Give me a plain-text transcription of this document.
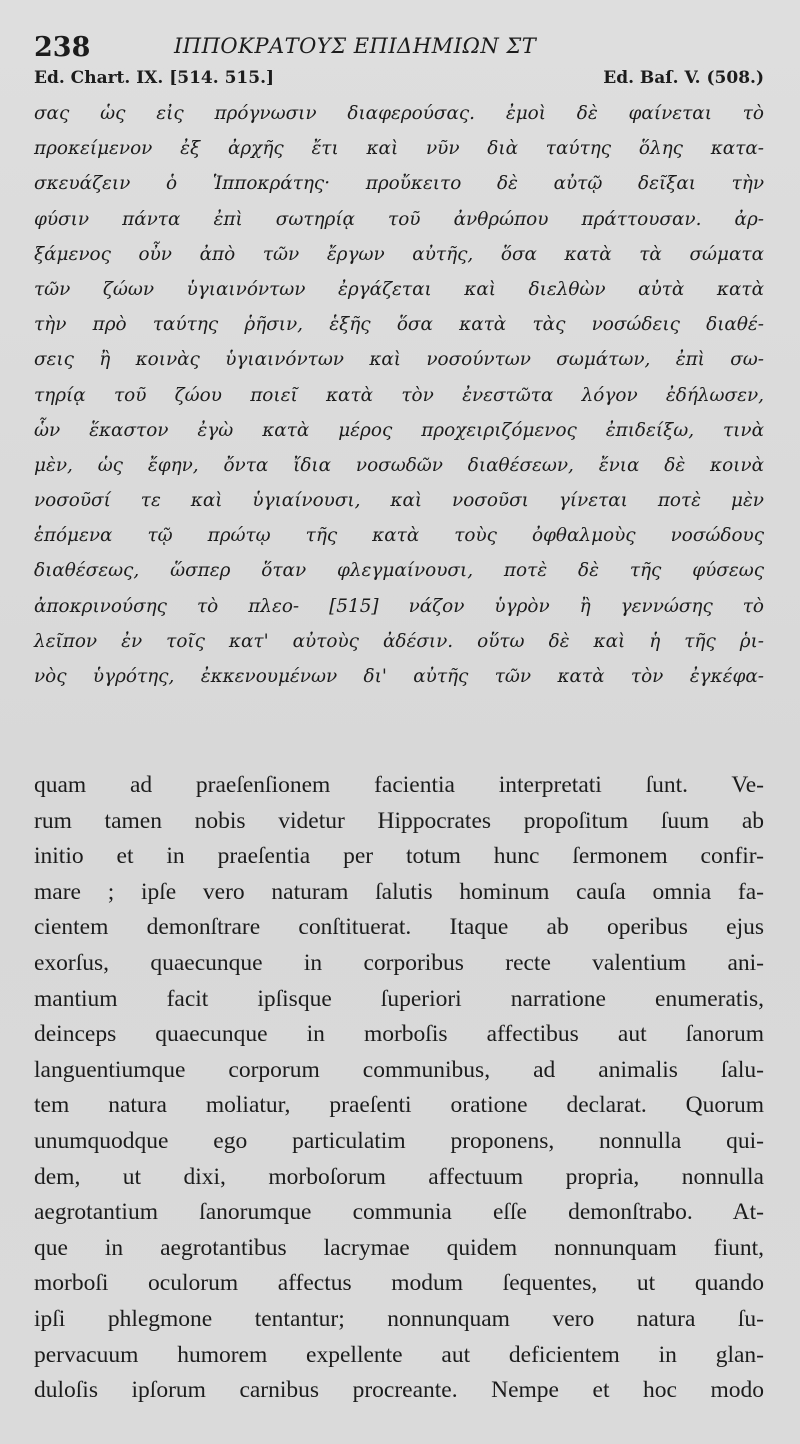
238	ΙΠΠΟΚΡΑΤΟΥΣ ΕΠΙΔΗΜΙΩΝ ΣΤ
Ed. Chart. IX. [514. 515.]	Ed. Baſ. V. (508.)
σας ὡς εἰς πρόγνωσιν διαφερούσας. ἐμοὶ δὲ φαίνεται τὸ
προκείμενον ἐξ ἀρχῆς ἔτι καὶ νῦν διὰ ταύτης ὅλης κατα-
σκευάζειν ὁ Ἱπποκράτης· προὔκειτο δὲ αὐτῷ δεῖξαι τὴν
φύσιν πάντα ἐπὶ σωτηρίᾳ τοῦ ἀνθρώπου πράττουσαν. ἀρ-
ξάμενος οὖν ἀπὸ τῶν ἔργων αὐτῆς, ὅσα κατὰ τὰ σώματα
τῶν ζώων ὑγιαινόντων ἐργάζεται καὶ διελθὼν αὐτὰ κατὰ
τὴν πρὸ ταύτης ῥῆσιν, ἑξῆς ὅσα κατὰ τὰς νοσώδεις διαθέ-
σεις ἢ κοινὰς ὑγιαινόντων καὶ νοσούντων σωμάτων, ἐπὶ σω-
τηρίᾳ τοῦ ζώου ποιεῖ κατὰ τὸν ἐνεστῶτα λόγον ἐδήλωσεν,
ὧν ἕκαστον ἐγὼ κατὰ μέρος προχειριζόμενος ἐπιδείξω, τινὰ
μὲν, ὡς ἔφην, ὄντα ἴδια νοσωδῶν διαθέσεων, ἔνια δὲ κοινὰ
νοσοῦσί τε καὶ ὑγιαίνουσι, καὶ νοσοῦσι γίνεται ποτὲ μὲν
ἑπόμενα τῷ πρώτῳ τῆς κατὰ τοὺς ὀφθαλμοὺς νοσώδους
διαθέσεως, ὥσπερ ὅταν φλεγμαίνουσι, ποτὲ δὲ τῆς φύσεως
ἀποκρινούσης τὸ πλεο- [515] νάζον ὑγρὸν ἢ γεννώσης τὸ
λεῖπον ἐν τοῖς κατ' αὐτοὺς ἀδέσιν. οὕτω δὲ καὶ ἡ τῆς ῥι-
νὸς ὑγρότης, ἐκκενουμένων δι' αὐτῆς τῶν κατὰ τὸν ἐγκέφα-
quam ad praeſenſionem facientia interpretati ſunt. Ve-
rum tamen nobis videtur Hippocrates propoſitum ſuum ab
initio et in praeſentia per totum hunc ſermonem confir-
mare ; ipſe vero naturam ſalutis hominum cauſa omnia fa-
cientem demonſtrare conſtituerat. Itaque ab operibus ejus
exorſus, quaecunque in corporibus recte valentium ani-
mantium facit ipſisque ſuperiori narratione enumeratis,
deinceps quaecunque in morboſis affectibus aut ſanorum
languentiumque corporum communibus, ad animalis ſalu-
tem natura moliatur, praeſenti oratione declarat. Quorum
unumquodque ego particulatim proponens, nonnulla qui-
dem, ut dixi, morboſorum affectuum propria, nonnulla
aegrotantium ſanorumque communia eſſe demonſtrabo. At-
que in aegrotantibus lacrymae quidem nonnunquam fiunt,
morboſi oculorum affectus modum ſequentes, ut quando
ipſi phlegmone tentantur; nonnunquam vero natura ſu-
pervacuum humorem expellente aut deficientem in glan-
duloſis ipſorum carnibus procreante. Nempe et hoc modo
